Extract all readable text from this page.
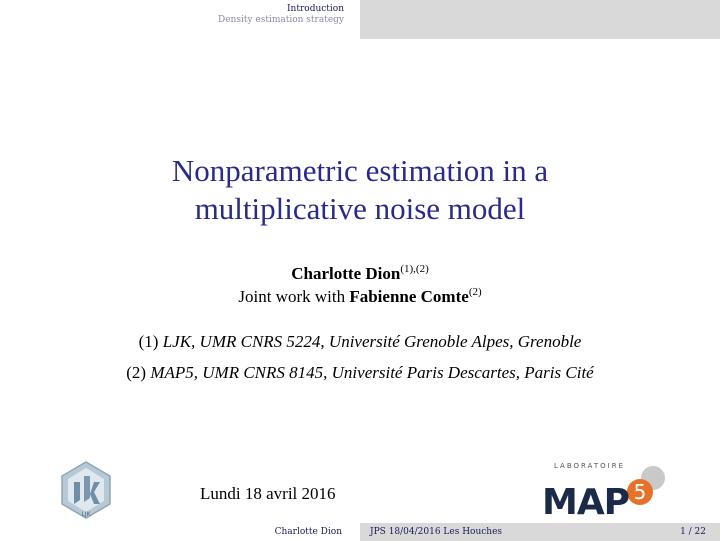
Introduction
Density estimation strategy
Nonparametric estimation in a
multiplicative noise model
Charlotte Dion$^{(1),(2)}$
Joint work with Fabienne Comte$^{(2)}$
(1) LJK, UMR CNRS 5224, Université Grenoble Alpes, Grenoble
(2) MAP5, UMR CNRS 8145, Université Paris Descartes, Paris Cité
Lundi 18 avril 2016
LJK
LABORATOIRE
5
MAP
Charlotte Dion	JPS 18/04/2016 Les Houches	1 / 22
